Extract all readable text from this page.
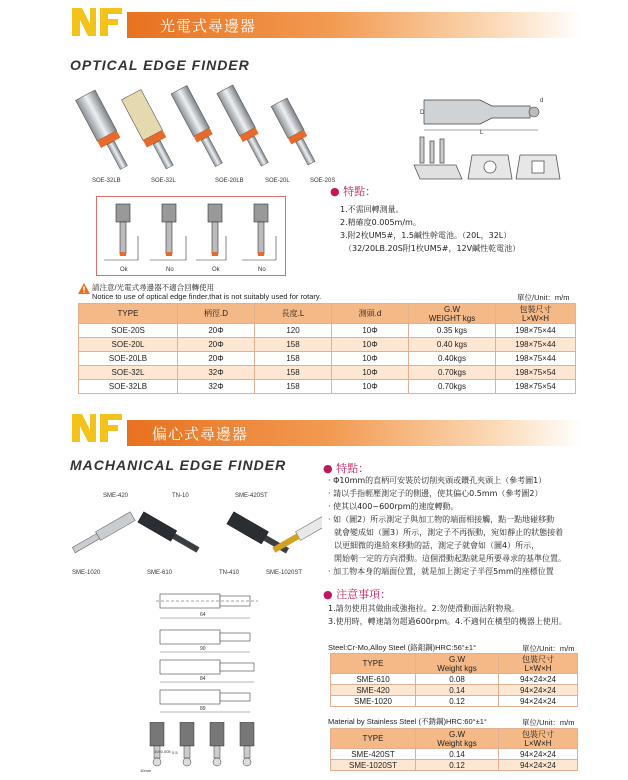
光電式尋邊器
OPTICAL EDGE FINDER
SOE-32LB	SOE-32L	SOE-20LB	SOE-20L	SOE-20S
L
D
d
Ok	No	Ok	No
● 特點：
1.不需回轉測量。
2.精確度0.005m/m。
3.附2枚UM5#，1.5鹹性幹電池。（20L，32L）
（32/20LB.20S附1枚UM5#，12V鹹性乾電池）
請注意/光電式尋邊器不適合回轉使用
Notice to use of optical edge finder,that is not suitably used for rotary.	單位/Unit：m/m
TYPE	柄徑.D	長度.L	測頭.d	G.W
WEIGHT kgs	包裝尺寸
L×W×H
SOE-20S	20Φ	120	10Φ	0.35 kgs	198×75×44
SOE-20L	20Φ	158	10Φ	0.40 kgs	198×75×44
SOE-20LB	20Φ	158	10Φ	0.40kgs	198×75×44
SOE-32L	32Φ	158	10Φ	0.70kgs	198×75×54
SOE-32LB	32Φ	158	10Φ	0.70kgs	198×75×54
偏心式尋邊器
MACHANICAL EDGE FINDER
SME-420	TN-10	SME-420ST
SME-1020	SME-610	TN-410	SME-1020ST
64
90
84
89
10mm
0.5
10±0.005
● 特點：
· Φ10mm的直柄可安裝於切削夾頭或鑽孔夾頭上（參考圖1）
· 請以手指輕壓測定子的側邊，使其偏心0.5mm（參考圖2）
· 使其以400~600rpm的速度轉動。
· 如（圖2）所示測定子與加工物的端面相接觸，點一點地碰移動
就會變成如（圖3）所示，測定子不再振動，宛如靜止的狀態接着
以更細微的進給來移動的話，測定子就會如（圖4）所示，
開始朝一定的方向滑動。這個滑動起點就是所要尋求的基準位置。
· 加工物本身的端面位置，就是加上測定子半徑5mm的座標位置
● 注意事項：
1.請勿使用其做曲或強拖拉。2.勿使滑動面沾附物飛。
3.使用時，轉速請勿超過600rpm。4.不適何在橫型的機器上使用。
Steel:Cr-Mo,Alloy Steel (鉻鉬鋼)HRC:56°±1°	單位/Unit：m/m
TYPE	G.W
Weight kgs	包裝尺寸
L×W×H
SME-610	0.08	94×24×24
SME-420	0.14	94×24×24
SME-1020	0.12	94×24×24
Material by Stainless Steel (不銹鋼)HRC:60°±1°	單位/Unit：m/m
TYPE	G.W
Weight kgs	包裝尺寸
L×W×H
SME-420ST	0.14	94×24×24
SME-1020ST	0.12	94×24×24
